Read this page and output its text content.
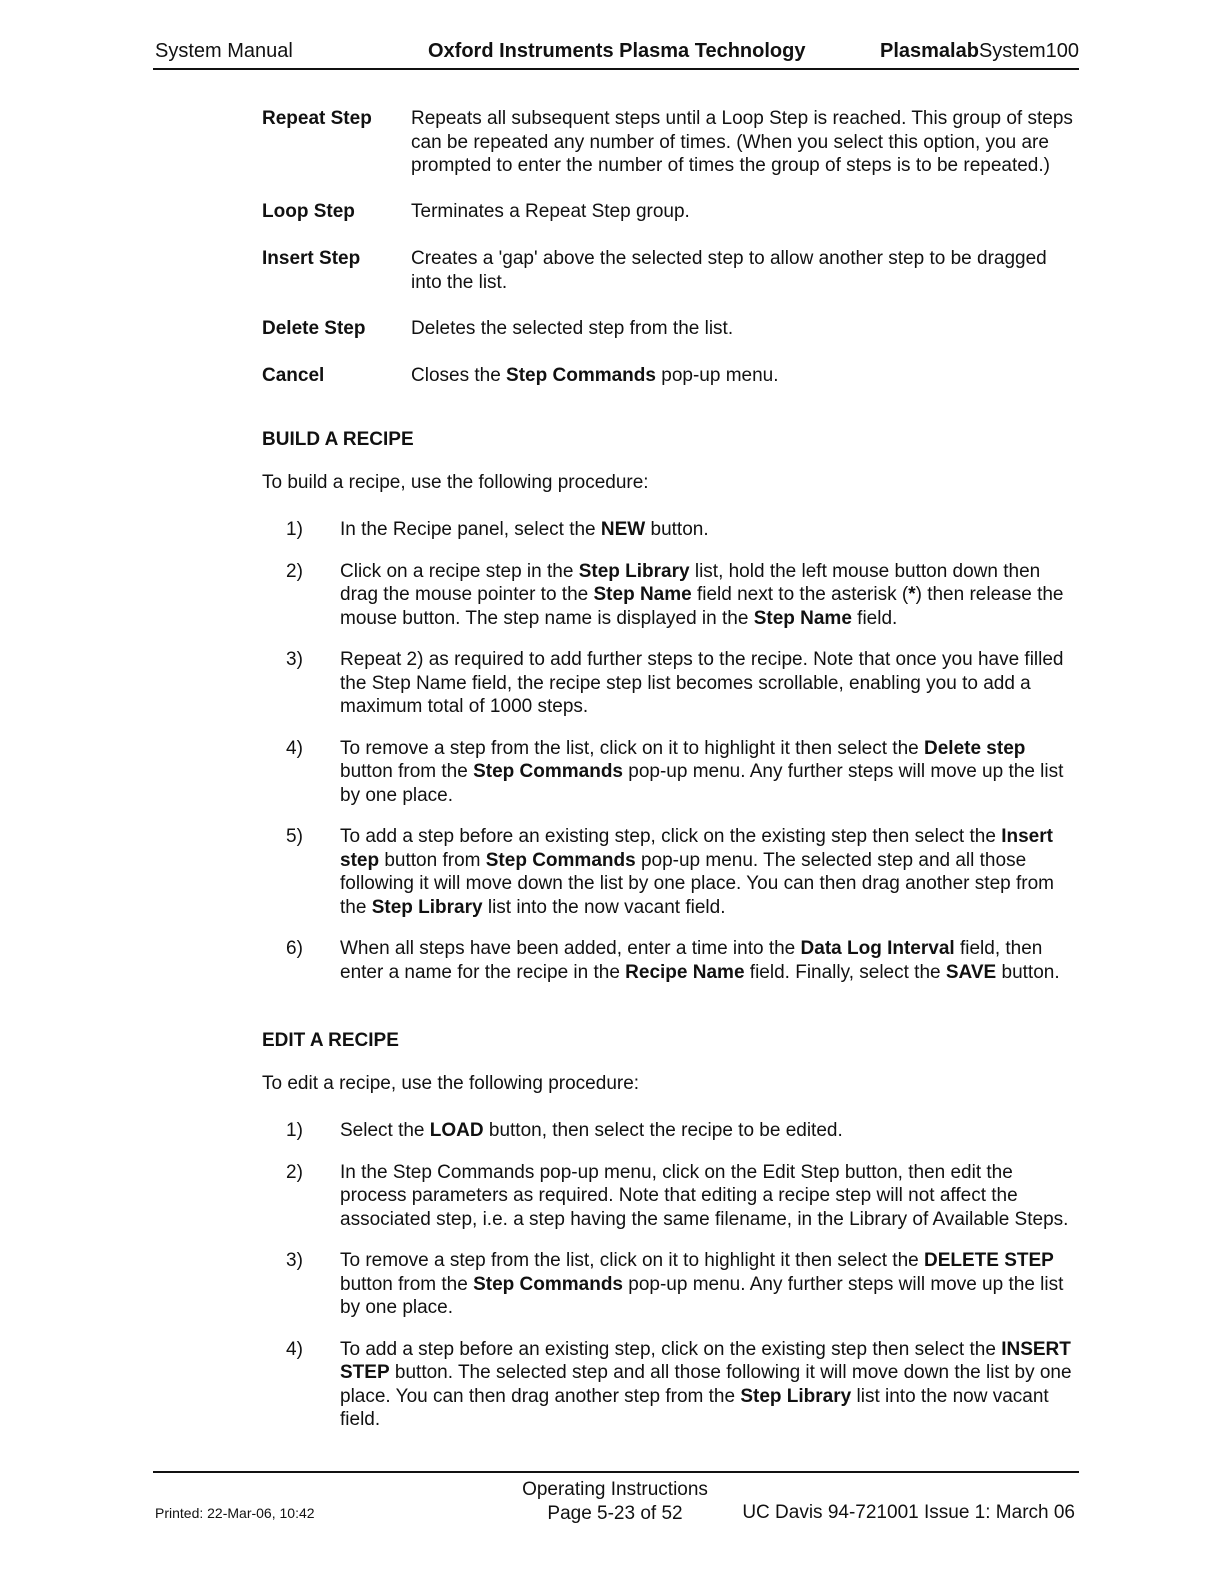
System Manual	Oxford Instruments Plasma Technology	PlasmalabSystem100
Repeat Step	Repeats all subsequent steps until a Loop Step is reached. This group of steps can be repeated any number of times. (When you select this option, you are prompted to enter the number of times the group of steps is to be repeated.)
Loop Step	Terminates a Repeat Step group.
Insert Step	Creates a 'gap' above the selected step to allow another step to be dragged into the list.
Delete Step	Deletes the selected step from the list.
Cancel	Closes the Step Commands pop-up menu.
BUILD A RECIPE
To build a recipe, use the following procedure:
1)	In the Recipe panel, select the NEW button.
2)	Click on a recipe step in the Step Library list, hold the left mouse button down then drag the mouse pointer to the Step Name field next to the asterisk (*) then release the mouse button. The step name is displayed in the Step Name field.
3)	Repeat 2) as required to add further steps to the recipe. Note that once you have filled the Step Name field, the recipe step list becomes scrollable, enabling you to add a maximum total of 1000 steps.
4)	To remove a step from the list, click on it to highlight it then select the Delete step button from the Step Commands pop-up menu. Any further steps will move up the list by one place.
5)	To add a step before an existing step, click on the existing step then select the Insert step button from Step Commands pop-up menu. The selected step and all those following it will move down the list by one place. You can then drag another step from the Step Library list into the now vacant field.
6)	When all steps have been added, enter a time into the Data Log Interval field, then enter a name for the recipe in the Recipe Name field. Finally, select the SAVE button.
EDIT A RECIPE
To edit a recipe, use the following procedure:
1)	Select the LOAD button, then select the recipe to be edited.
2)	In the Step Commands pop-up menu, click on the Edit Step button, then edit the process parameters as required. Note that editing a recipe step will not affect the associated step, i.e. a step having the same filename, in the Library of Available Steps.
3)	To remove a step from the list, click on it to highlight it then select the DELETE STEP button from the Step Commands pop-up menu. Any further steps will move up the list by one place.
4)	To add a step before an existing step, click on the existing step then select the INSERT STEP button. The selected step and all those following it will move down the list by one place. You can then drag another step from the Step Library list into the now vacant field.
Printed: 22-Mar-06, 10:42
Operating Instructions
Page 5-23 of 52	UC Davis 94-721001 Issue 1: March 06
